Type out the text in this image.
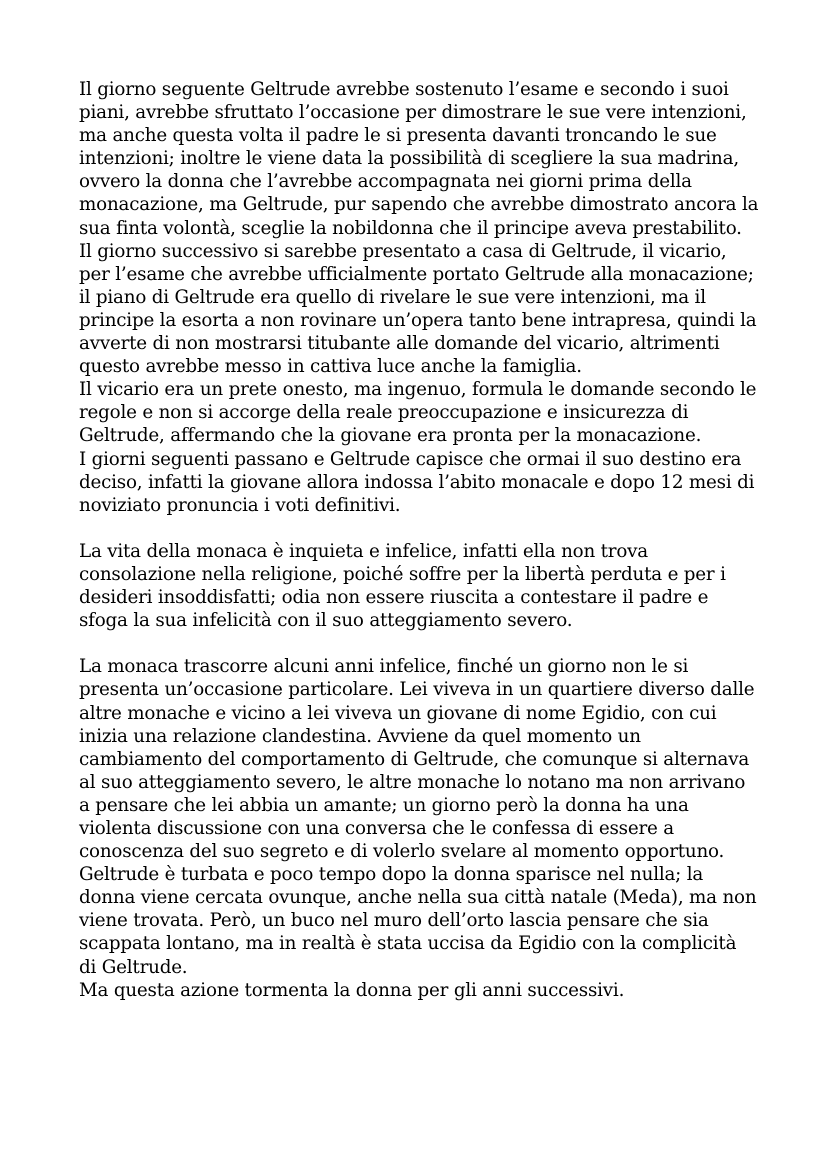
Il giorno seguente Geltrude avrebbe sostenuto l’esame e secondo i suoi piani, avrebbe sfruttato l’occasione per dimostrare le sue vere intenzioni, ma anche questa volta il padre le si presenta davanti troncando le sue intenzioni; inoltre le viene data la possibilità di scegliere la sua madrina, ovvero la donna che l’avrebbe accompagnata nei giorni prima della monacazione, ma Geltrude, pur sapendo che avrebbe dimostrato ancora la sua finta volontà, sceglie la nobildonna che il principe aveva prestabilito.

Il giorno successivo si sarebbe presentato a casa di Geltrude, il vicario, per l’esame che avrebbe ufficialmente portato Geltrude alla monacazione; il piano di Geltrude era quello di rivelare le sue vere intenzioni, ma il principe la esorta a non rovinare un’opera tanto bene intrapresa, quindi la avverte di non mostrarsi titubante alle domande del vicario, altrimenti questo avrebbe messo in cattiva luce anche la famiglia.

Il vicario era un prete onesto, ma ingenuo, formula le domande secondo le regole e non si accorge della reale preoccupazione e insicurezza di Geltrude, affermando che la giovane era pronta per la monacazione.

I giorni seguenti passano e Geltrude capisce che ormai il suo destino era deciso, infatti la giovane allora indossa l’abito monacale e dopo 12 mesi di noviziato pronuncia i voti definitivi.

La vita della monaca è inquieta e infelice, infatti ella non trova consolazione nella religione, poiché soffre per la libertà perduta e per i desideri insoddisfatti; odia non essere riuscita a contestare il padre e sfoga la sua infelicità con il suo atteggiamento severo.

La monaca trascorre alcuni anni infelice, finché un giorno non le si presenta un’occasione particolare. Lei viveva in un quartiere diverso dalle altre monache e vicino a lei viveva un giovane di nome Egidio, con cui inizia una relazione clandestina. Avviene da quel momento un cambiamento del comportamento di Geltrude, che comunque si alternava al suo atteggiamento severo, le altre monache lo notano ma non arrivano a pensare che lei abbia un amante; un giorno però la donna ha una violenta discussione con una conversa che le confessa di essere a conoscenza del suo segreto e di volerlo svelare al momento opportuno. Geltrude è turbata e poco tempo dopo la donna sparisce nel nulla; la donna viene cercata ovunque, anche nella sua città natale (Meda), ma non viene trovata. Però, un buco nel muro dell’orto lascia pensare che sia scappata lontano, ma in realtà è stata uccisa da Egidio con la complicità di Geltrude.

Ma questa azione tormenta la donna per gli anni successivi.
